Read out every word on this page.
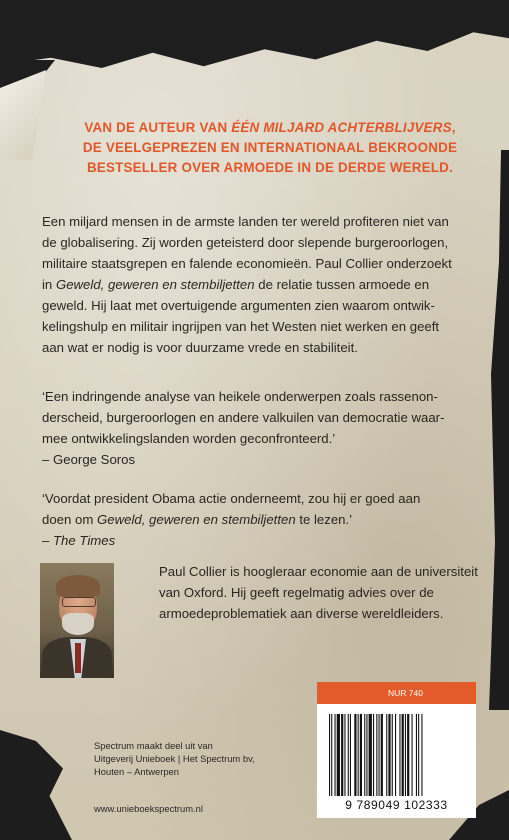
VAN DE AUTEUR VAN ÉÉN MILJARD ACHTERBLIJVERS,
DE VEELGEPREZEN EN INTERNATIONAAL BEKROONDE
BESTSELLER OVER ARMOEDE IN DE DERDE WERELD.

Een miljard mensen in de armste landen ter wereld profiteren niet van
de globalisering. Zij worden geteisterd door slepende burgeroorlogen,
militaire staatsgrepen en falende economieën. Paul Collier onderzoekt
in Geweld, geweren en stembiljetten de relatie tussen armoede en
geweld. Hij laat met overtuigende argumenten zien waarom ontwik-
kelingshulp en militair ingrijpen van het Westen niet werken en geeft
aan wat er nodig is voor duurzame vrede en stabiliteit.

‘Een indringende analyse van heikele onderwerpen zoals rassenon-
derscheid, burgeroorlogen en andere valkuilen van democratie waar-
mee ontwikkelingslanden worden geconfronteerd.’
– George Soros

‘Voordat president Obama actie onderneemt, zou hij er goed aan
doen om Geweld, geweren en stembiljetten te lezen.’
– The Times

Paul Collier is hoogleraar economie aan de universiteit
van Oxford. Hij geeft regelmatig advies over de
armoedeproblematiek aan diverse wereldleiders.

Spectrum maakt deel uit van
Uitgeverij Unieboek | Het Spectrum bv,
Houten – Antwerpen

www.unieboekspectrum.nl

NUR 740
9 789049 102333
